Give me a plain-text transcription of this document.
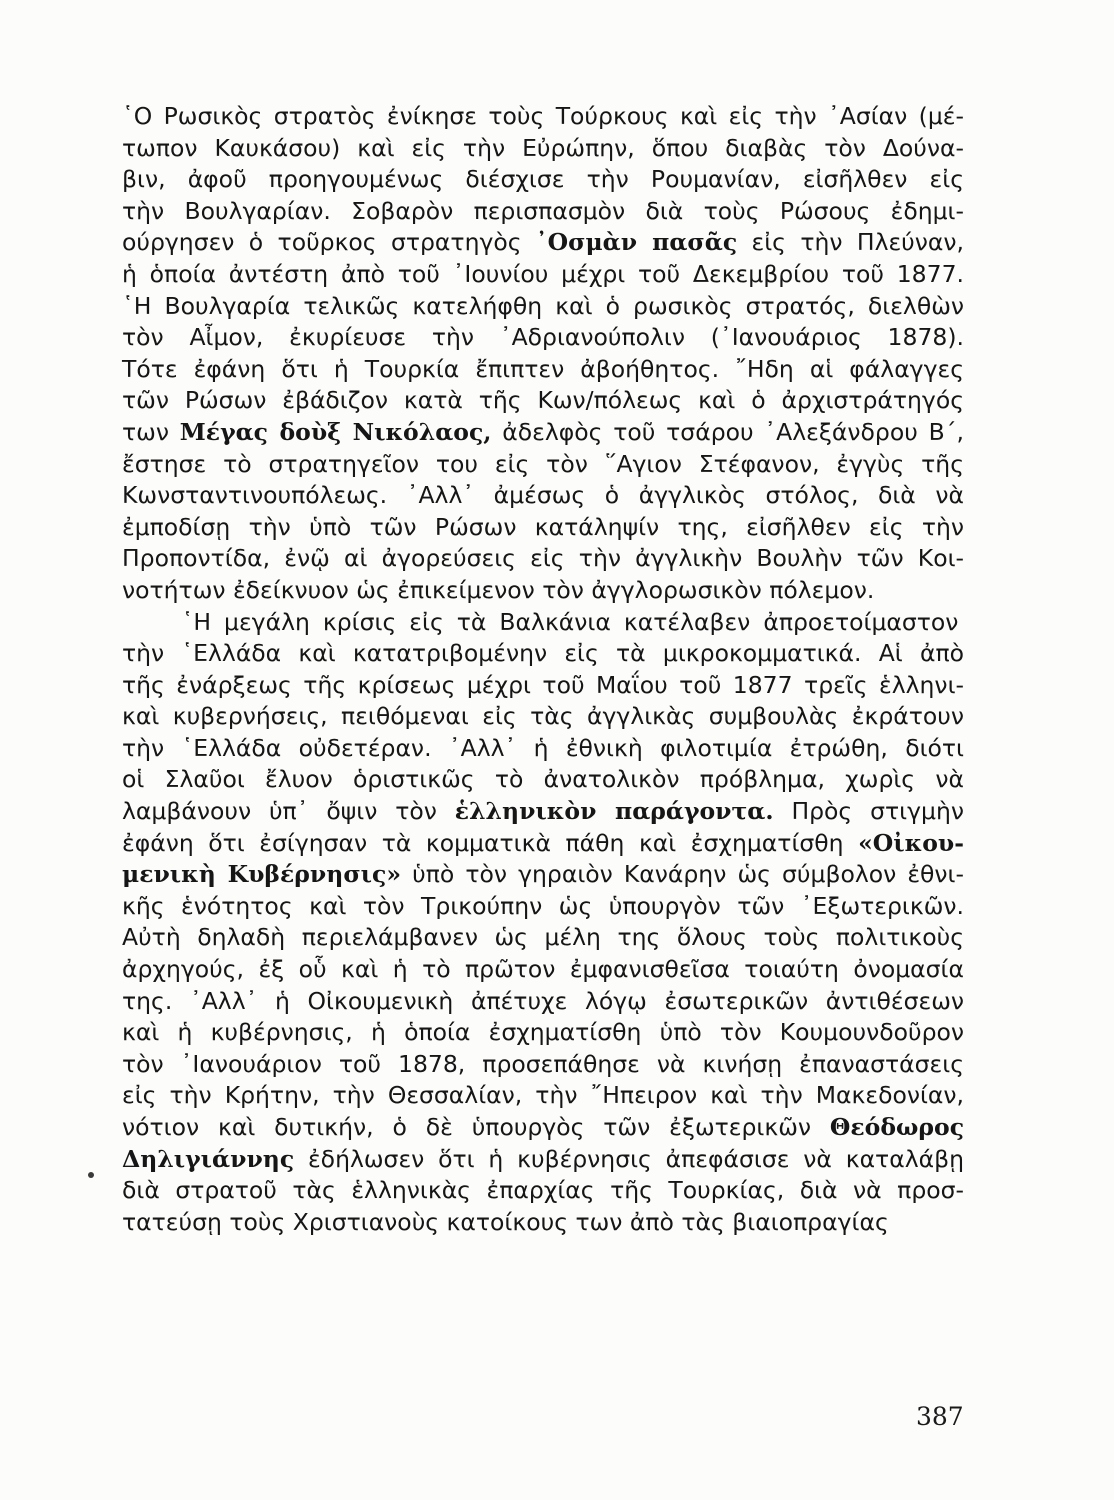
῾Ο Ρωσικὸς στρατὸς ἐνίκησε τοὺς Τούρκους καὶ εἰς τὴν ᾿Ασίαν (μέ-
τωπον Καυκάσου) καὶ εἰς τὴν Εὐρώπην, ὅπου διαβὰς τὸν Δούνα-
βιν, ἀφοῦ προηγουμένως διέσχισε τὴν Ρουμανίαν, εἰσῆλθεν εἰς
τὴν Βουλγαρίαν. Σοβαρὸν περισπασμὸν διὰ τοὺς Ρώσους ἐδημι-
ούργησεν ὁ τοῦρκος στρατηγὸς ᾿Οσμὰν πασᾶς εἰς τὴν Πλεύναν,
ἡ ὁποία ἀντέστη ἀπὸ τοῦ ᾿Ιουνίου μέχρι τοῦ Δεκεμβρίου τοῦ 1877.
῾Η Βουλγαρία τελικῶς κατελήφθη καὶ ὁ ρωσικὸς στρατός, διελθὼν
τὸν Αἶμον, ἐκυρίευσε τὴν ᾿Αδριανούπολιν (᾿Ιανουάριος 1878).
Τότε ἐφάνη ὅτι ἡ Τουρκία ἔπιπτεν ἀβοήθητος. ῎Ηδη αἱ φάλαγγες
τῶν Ρώσων ἐβάδιζον κατὰ τῆς Κων/πόλεως καὶ ὁ ἀρχιστράτηγός
των Μέγας δοὺξ Νικόλαος, ἀδελφὸς τοῦ τσάρου ᾿Αλεξάνδρου Β΄,
ἔστησε τὸ στρατηγεῖον του εἰς τὸν ῞Αγιον Στέφανον, ἐγγὺς τῆς
Κωνσταντινουπόλεως. ᾿Αλλ᾿ ἀμέσως ὁ ἀγγλικὸς στόλος, διὰ νὰ
ἐμποδίσῃ τὴν ὑπὸ τῶν Ρώσων κατάληψίν της, εἰσῆλθεν εἰς τὴν
Προποντίδα, ἐνῷ αἱ ἀγορεύσεις εἰς τὴν ἀγγλικὴν Βουλὴν τῶν Κοι-
νοτήτων ἐδείκνυον ὡς ἐπικείμενον τὸν ἀγγλορωσικὸν πόλεμον.
῾Η μεγάλη κρίσις εἰς τὰ Βαλκάνια κατέλαβεν ἀπροετοίμαστον
τὴν ῾Ελλάδα καὶ κατατριβομένην εἰς τὰ μικροκομματικά. Αἱ ἀπὸ
τῆς ἐνάρξεως τῆς κρίσεως μέχρι τοῦ Μαΐου τοῦ 1877 τρεῖς ἑλληνι-
καὶ κυβερνήσεις, πειθόμεναι εἰς τὰς ἀγγλικὰς συμβουλὰς ἐκράτουν
τὴν ῾Ελλάδα οὐδετέραν. ᾿Αλλ᾿ ἡ ἐθνικὴ φιλοτιμία ἐτρώθη, διότι
οἱ Σλαῦοι ἔλυον ὁριστικῶς τὸ ἀνατολικὸν πρόβλημα, χωρὶς νὰ
λαμβάνουν ὑπ᾿ ὄψιν τὸν ἑλληνικὸν παράγοντα. Πρὸς στιγμὴν
ἐφάνη ὅτι ἐσίγησαν τὰ κομματικὰ πάθη καὶ ἐσχηματίσθη «Οἰκου-
μενικὴ Κυβέρνησις» ὑπὸ τὸν γηραιὸν Κανάρην ὡς σύμβολον ἐθνι-
κῆς ἑνότητος καὶ τὸν Τρικούπην ὡς ὑπουργὸν τῶν ᾿Εξωτερικῶν.
Αὐτὴ δηλαδὴ περιελάμβανεν ὡς μέλη της ὅλους τοὺς πολιτικοὺς
ἀρχηγούς, ἐξ οὗ καὶ ἡ τὸ πρῶτον ἐμφανισθεῖσα τοιαύτη ὀνομασία
της. ᾿Αλλ᾿ ἡ Οἰκουμενικὴ ἀπέτυχε λόγῳ ἐσωτερικῶν ἀντιθέσεων
καὶ ἡ κυβέρνησις, ἡ ὁποία ἐσχηματίσθη ὑπὸ τὸν Κουμουνδοῦρον
τὸν ᾿Ιανουάριον τοῦ 1878, προσεπάθησε νὰ κινήσῃ ἐπαναστάσεις
εἰς τὴν Κρήτην, τὴν Θεσσαλίαν, τὴν ῎Ηπειρον καὶ τὴν Μακεδονίαν,
νότιον καὶ δυτικήν, ὁ δὲ ὑπουργὸς τῶν ἐξωτερικῶν Θεόδωρος
Δηλιγιάννης ἐδήλωσεν ὅτι ἡ κυβέρνησις ἀπεφάσισε νὰ καταλάβῃ
διὰ στρατοῦ τὰς ἑλληνικὰς ἐπαρχίας τῆς Τουρκίας, διὰ νὰ προσ-
τατεύσῃ τοὺς Χριστιανοὺς κατοίκους των ἀπὸ τὰς βιαιοπραγίας
387
